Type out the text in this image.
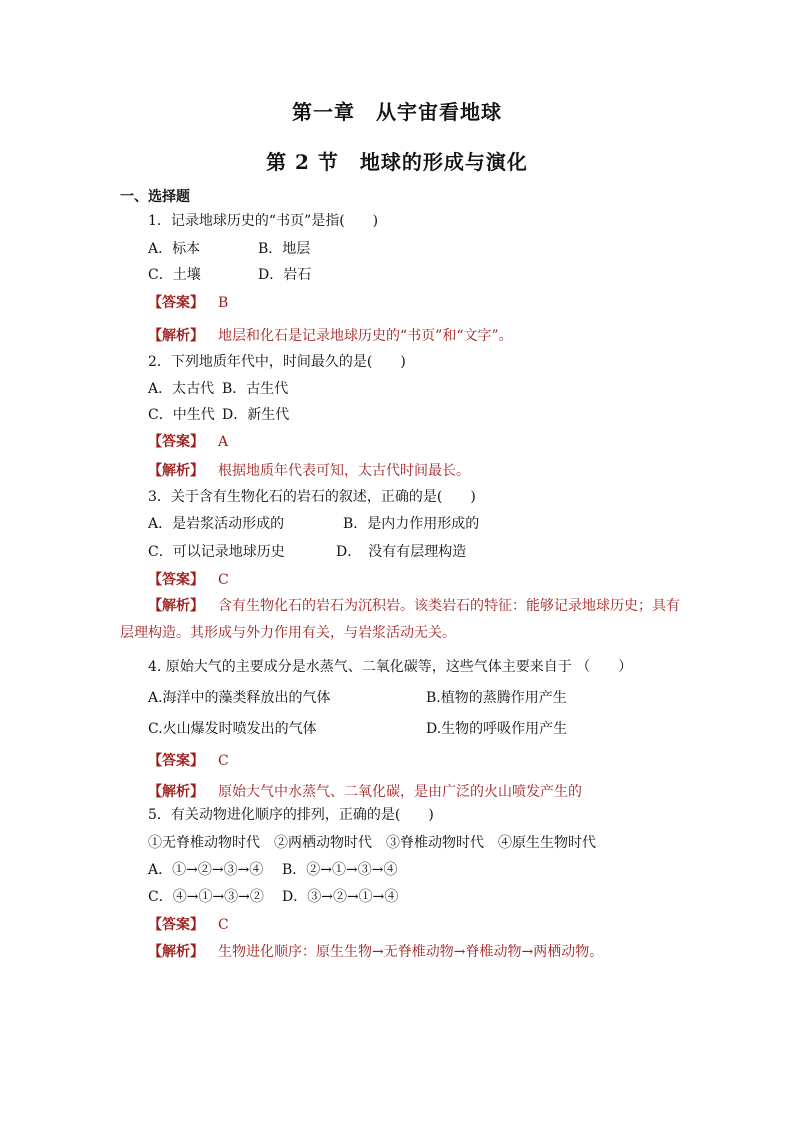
第一章　从宇宙看地球
第 2 节　地球的形成与演化
一、选择题
1．记录地球历史的“书页”是指(　　)
A．标本	B．地层
C．土壤	D．岩石
【答案】 B
【解析】 地层和化石是记录地球历史的“书页”和“文字”。
2．下列地质年代中，时间最久的是(　　)
A．太古代 B．古生代
C．中生代 D．新生代
【答案】 A
【解析】 根据地质年代表可知，太古代时间最长。
3．关于含有生物化石的岩石的叙述，正确的是(　　)
A．是岩浆活动形成的	B．是内力作用形成的
C．可以记录地球历史	D．　没有有层理构造
【答案】 C
【解析】 含有生物化石的岩石为沉积岩。该类岩石的特征：能够记录地球历史；具有
层理构造。其形成与外力作用有关，与岩浆活动无关。
4. 原始大气的主要成分是水蒸气、二氧化碳等，这些气体主要来自于 （　　）
A.海洋中的藻类释放出的气体	B.植物的蒸腾作用产生
C.火山爆发时喷发出的气体	D.生物的呼吸作用产生
【答案】 C
【解析】 原始大气中水蒸气、二氧化碳，是由广泛的火山喷发产生的
5．有关动物进化顺序的排列，正确的是(　　)
①无脊椎动物时代　②两栖动物时代　③脊椎动物时代　④原生生物时代
A．①→②→③→④ B．②→①→③→④
C．④→①→③→② D．③→②→①→④
【答案】 C
【解析】 生物进化顺序：原生生物→无脊椎动物→脊椎动物→两栖动物。
